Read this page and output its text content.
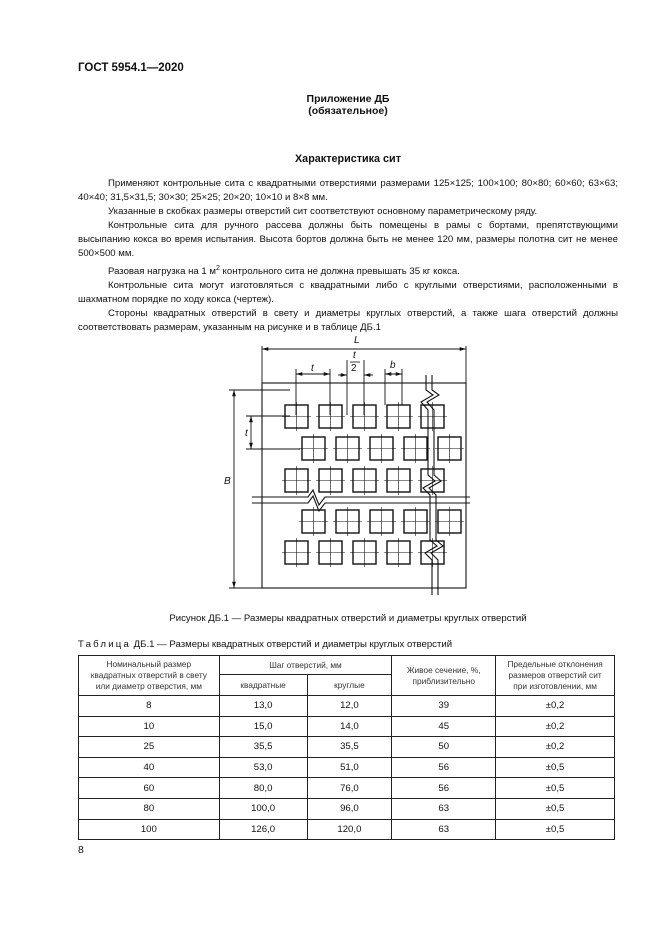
ГОСТ 5954.1—2020
Приложение ДБ
(обязательное)
Характеристика сит

Применяют контрольные сита с квадратными отверстиями размерами 125×125; 100×100; 80×80; 60×60; 63×63; 40×40; 31,5×31,5; 30×30; 25×25; 20×20; 10×10 и 8×8 мм.

Указанные в скобках размеры отверстий сит соответствуют основному параметрическому ряду.

Контрольные сита для ручного рассева должны быть помещены в рамы с бортами, препятствующими высыпанию кокса во время испытания. Высота бортов должна быть не менее 120 мм, размеры полотна сит не менее 500×500 мм.

Разовая нагрузка на 1 $м^2$ контрольного сита не должна превышать 35 кг кокса.

Контрольные сита могут изготовляться с квадратными либо с круглыми отверстиями, расположенными в шахматном порядке по ходу кокса (чертеж).

Стороны квадратных отверстий в свету и диаметры круглых отверстий, а также шага отверстий должны соответствовать размерам, указанным на рисунке и в таблице ДБ.1

L
t
t
2	b
t
B
Рисунок ДБ.1 — Размеры квадратных отверстий и диаметры круглых отверстий
Таблица ДБ.1 — Размеры квадратных отверстий и диаметры круглых отверстий
Номинальный размер квадратных отверстий в свету или диаметр отверстия, мм	Шаг отверстий, мм		Живое сечение, %, приблизительно	Предельные отклонения размеров отверстий сит при изготовлении, мм
	квадратные	круглые		
8	13,0	12,0	39	±0,2
10	15,0	14,0	45	±0,2
25	35,5	35,5	50	±0,2
40	53,0	51,0	56	±0,5
60	80,0	76,0	56	±0,5
80	100,0	96,0	63	±0,5
100	126,0	120,0	63	±0,5
8
